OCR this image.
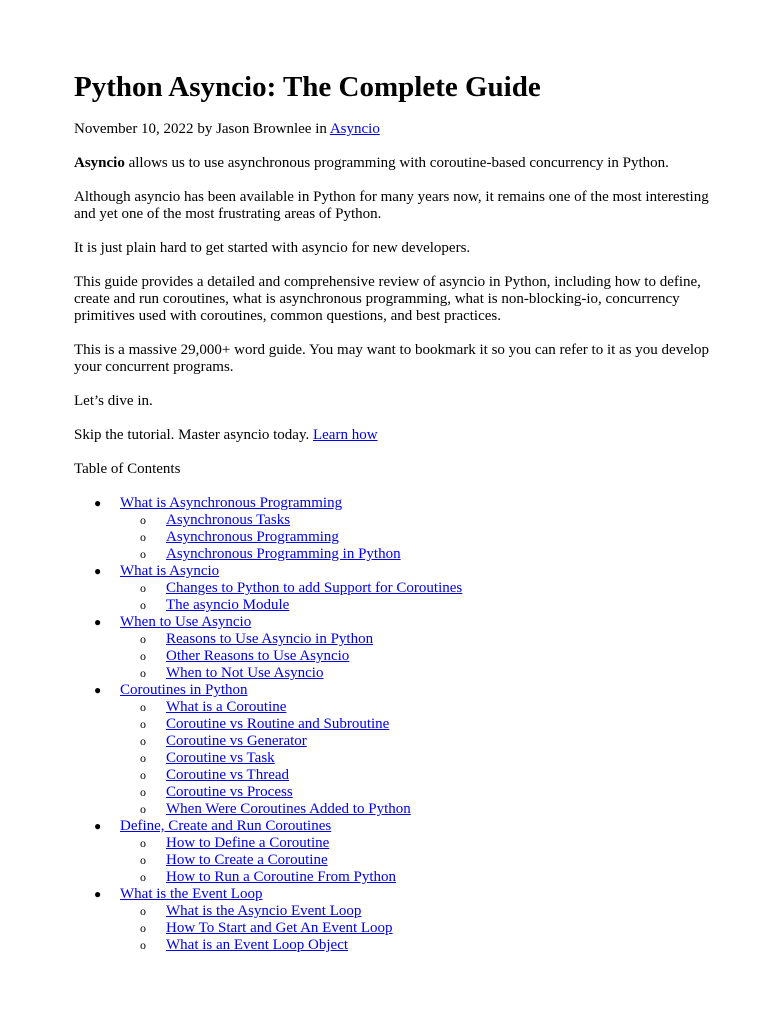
Python Asyncio: The Complete Guide

November 10, 2022 by Jason Brownlee in Asyncio

Asyncio allows us to use asynchronous programming with coroutine-based concurrency in Python.

Although asyncio has been available in Python for many years now, it remains one of the most interesting and yet one of the most frustrating areas of Python.

It is just plain hard to get started with asyncio for new developers.

This guide provides a detailed and comprehensive review of asyncio in Python, including how to define, create and run coroutines, what is asynchronous programming, what is non-blocking-io, concurrency primitives used with coroutines, common questions, and best practices.

This is a massive 29,000+ word guide. You may want to bookmark it so you can refer to it as you develop your concurrent programs.

Let’s dive in.

Skip the tutorial. Master asyncio today. Learn how

Table of Contents
●	What is Asynchronous Programming
o	Asynchronous Tasks
o	Asynchronous Programming
o	Asynchronous Programming in Python
●	What is Asyncio
o	Changes to Python to add Support for Coroutines
o	The asyncio Module
●	When to Use Asyncio
o	Reasons to Use Asyncio in Python
o	Other Reasons to Use Asyncio
o	When to Not Use Asyncio
●	Coroutines in Python
o	What is a Coroutine
o	Coroutine vs Routine and Subroutine
o	Coroutine vs Generator
o	Coroutine vs Task
o	Coroutine vs Thread
o	Coroutine vs Process
o	When Were Coroutines Added to Python
●	Define, Create and Run Coroutines
o	How to Define a Coroutine
o	How to Create a Coroutine
o	How to Run a Coroutine From Python
●	What is the Event Loop
o	What is the Asyncio Event Loop
o	How To Start and Get An Event Loop
o	What is an Event Loop Object
